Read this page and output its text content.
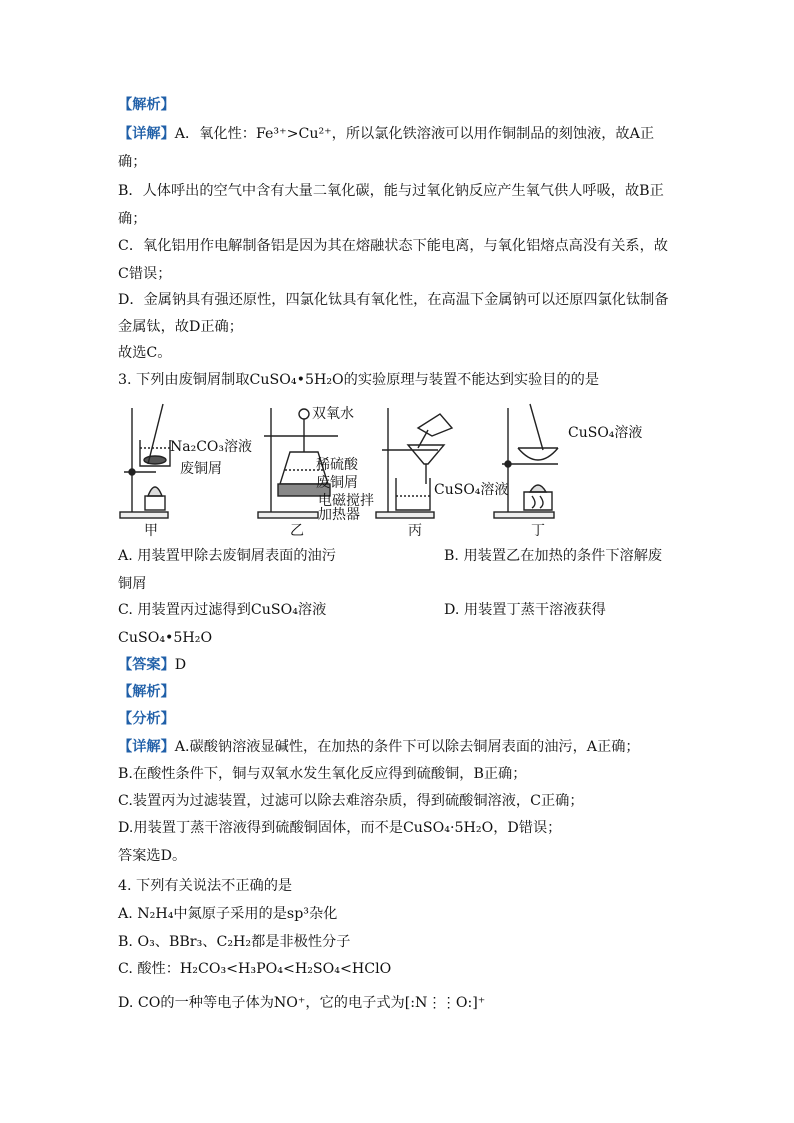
【解析】
【详解】A．氧化性：Fe³⁺>Cu²⁺，所以氯化铁溶液可以用作铜制品的刻蚀液，故A正
确；
B．人体呼出的空气中含有大量二氧化碳，能与过氧化钠反应产生氧气供人呼吸，故B正
确；
C．氧化铝用作电解制备铝是因为其在熔融状态下能电离，与氧化铝熔点高没有关系，故
C错误；
D．金属钠具有强还原性，四氯化钛具有氧化性，在高温下金属钠可以还原四氯化钛制备
金属钛，故D正确；
故选C。
3. 下列由废铜屑制取CuSO₄•5H₂O的实验原理与装置不能达到实验目的的是
Na₂CO₃溶液
废铜屑
甲
双氧水
稀硫酸
废铜屑
电磁搅拌
加热器
乙
CuSO₄溶液
丙
CuSO₄溶液
丁
A. 用装置甲除去废铜屑表面的油污	B. 用装置乙在加热的条件下溶解废
铜屑
C. 用装置丙过滤得到CuSO₄溶液	D. 用装置丁蒸干溶液获得
CuSO₄•5H₂O
【答案】D
【解析】
【分析】
【详解】A.碳酸钠溶液显碱性，在加热的条件下可以除去铜屑表面的油污，A正确；
B.在酸性条件下，铜与双氧水发生氧化反应得到硫酸铜，B正确；
C.装置丙为过滤装置，过滤可以除去难溶杂质，得到硫酸铜溶液，C正确；
D.用装置丁蒸干溶液得到硫酸铜固体，而不是CuSO₄·5H₂O，D错误；
答案选D。
4. 下列有关说法不正确的是
A. N₂H₄中氮原子采用的是sp³杂化
B. O₃、BBr₃、C₂H₂都是非极性分子
C. 酸性：H₂CO₃<H₃PO₄<H₂SO₄<HClO
D. CO的一种等电子体为NO⁺，它的电子式为[:N⋮⋮O:]⁺
